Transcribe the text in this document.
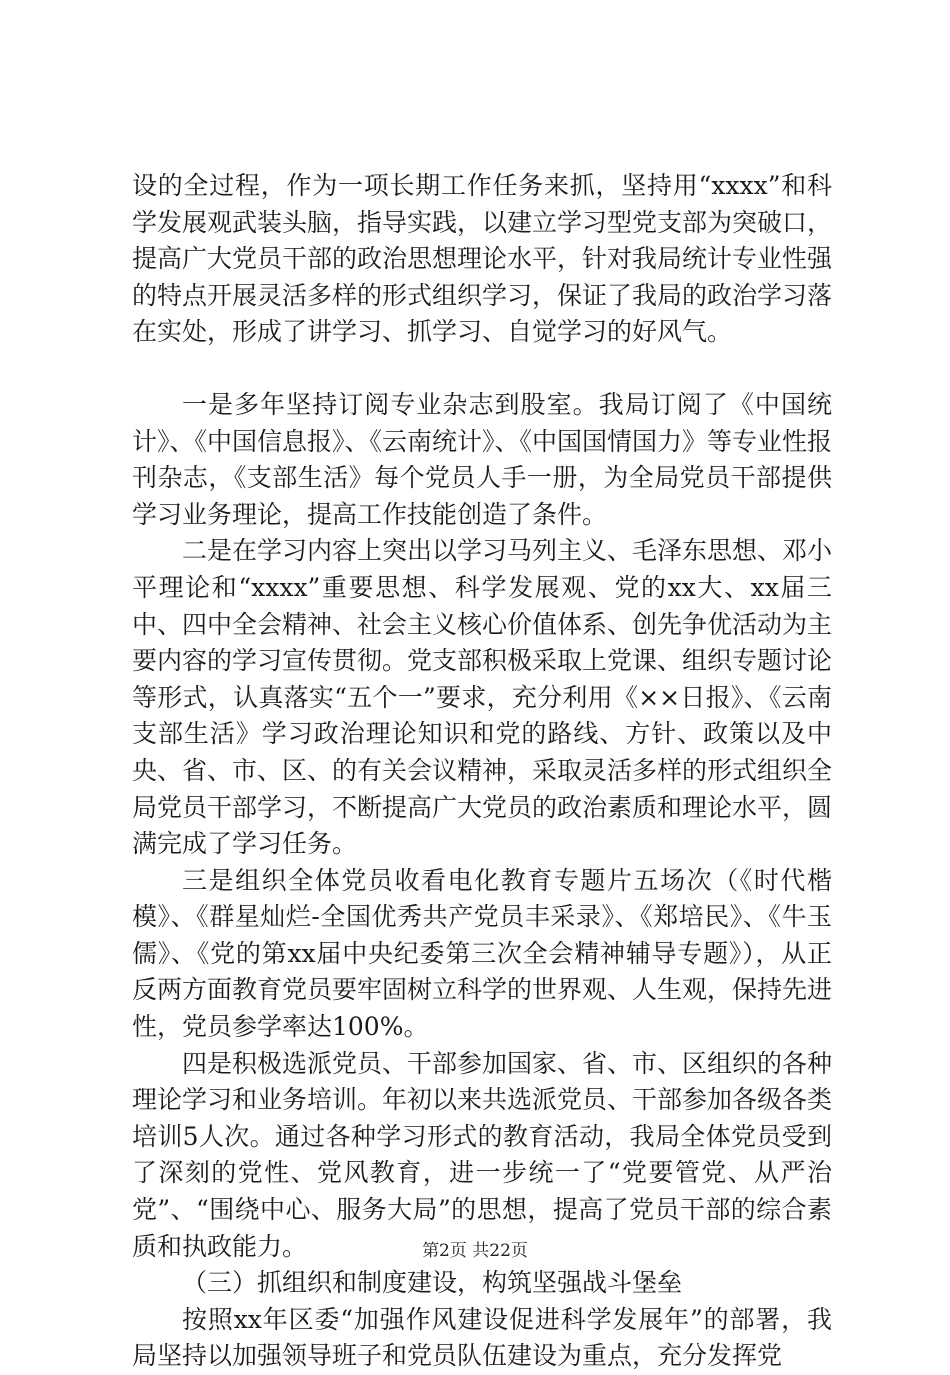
设的全过程，作为一项长期工作任务来抓，坚持用“xxxx”和科学发展观武装头脑，指导实践，以建立学习型党支部为突破口，提高广大党员干部的政治思想理论水平，针对我局统计专业性强的特点开展灵活多样的形式组织学习，保证了我局的政治学习落在实处，形成了讲学习、抓学习、自觉学习的好风气。

一是多年坚持订阅专业杂志到股室。我局订阅了《中国统计》、《中国信息报》、《云南统计》、《中国国情国力》等专业性报刊杂志，《支部生活》每个党员人手一册，为全局党员干部提供学习业务理论，提高工作技能创造了条件。

二是在学习内容上突出以学习马列主义、毛泽东思想、邓小平理论和“xxxx”重要思想、科学发展观、党的xx大、xx届三中、四中全会精神、社会主义核心价值体系、创先争优活动为主要内容的学习宣传贯彻。党支部积极采取上党课、组织专题讨论等形式，认真落实“五个一”要求，充分利用《××日报》、《云南支部生活》学习政治理论知识和党的路线、方针、政策以及中央、省、市、区、的有关会议精神，采取灵活多样的形式组织全局党员干部学习，不断提高广大党员的政治素质和理论水平，圆满完成了学习任务。

三是组织全体党员收看电化教育专题片五场次（《时代楷模》、《群星灿烂-全国优秀共产党员丰采录》、《郑培民》、《牛玉儒》、《党的第xx届中央纪委第三次全会精神辅导专题》），从正反两方面教育党员要牢固树立科学的世界观、人生观，保持先进性，党员参学率达100%。

四是积极选派党员、干部参加国家、省、市、区组织的各种理论学习和业务培训。年初以来共选派党员、干部参加各级各类培训5人次。通过各种学习形式的教育活动，我局全体党员受到了深刻的党性、党风教育，进一步统一了“党要管党、从严治党”、“围绕中心、服务大局”的思想，提高了党员干部的综合素质和执政能力。

（三）抓组织和制度建设，构筑坚强战斗堡垒

按照xx年区委“加强作风建设促进科学发展年”的部署，我局坚持以加强领导班子和党员队伍建设为重点，充分发挥党

第2页 共22页
